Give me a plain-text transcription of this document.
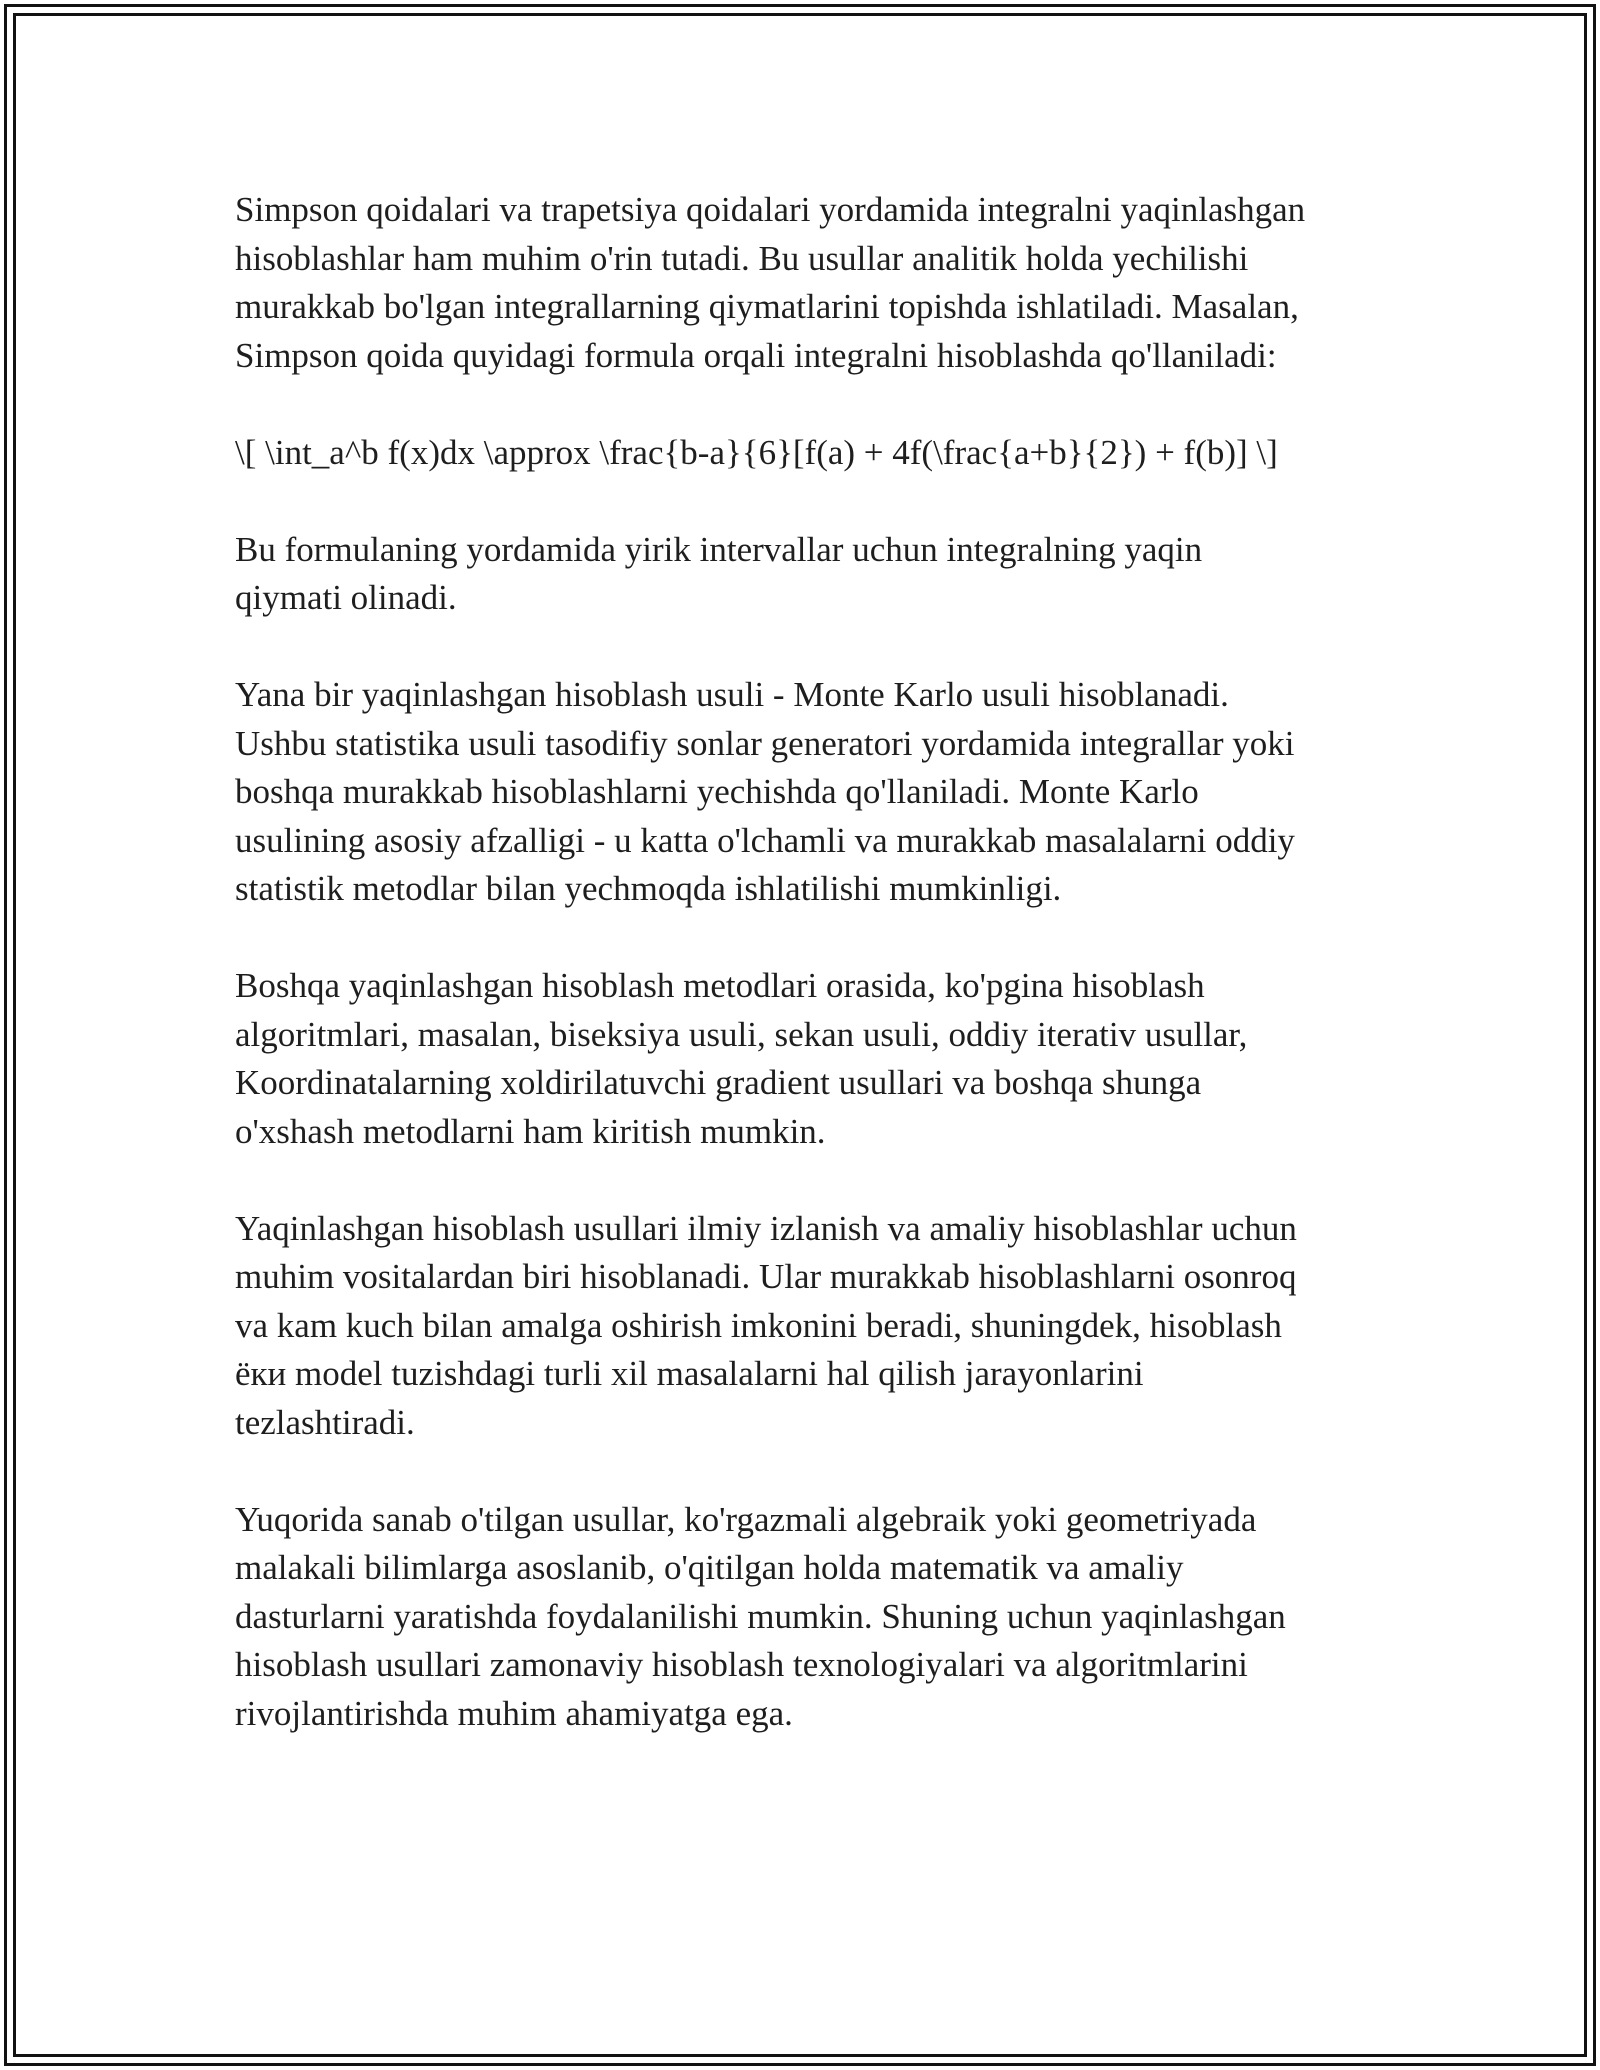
Simpson qoidalari va trapetsiya qoidalari yordamida integralni yaqinlashgan
hisoblashlar ham muhim o'rin tutadi. Bu usullar analitik holda yechilishi
murakkab bo'lgan integrallarning qiymatlarini topishda ishlatiladi. Masalan,
Simpson qoida quyidagi formula orqali integralni hisoblashda qo'llaniladi:

\[ \int_a^b f(x)dx \approx \frac{b-a}{6}[f(a) + 4f(\frac{a+b}{2}) + f(b)] \]

Bu formulaning yordamida yirik intervallar uchun integralning yaqin
qiymati olinadi.

Yana bir yaqinlashgan hisoblash usuli - Monte Karlo usuli hisoblanadi.
Ushbu statistika usuli tasodifiy sonlar generatori yordamida integrallar yoki
boshqa murakkab hisoblashlarni yechishda qo'llaniladi. Monte Karlo
usulining asosiy afzalligi - u katta o'lchamli va murakkab masalalarni oddiy
statistik metodlar bilan yechmoqda ishlatilishi mumkinligi.

Boshqa yaqinlashgan hisoblash metodlari orasida, ko'pgina hisoblash
algoritmlari, masalan, biseksiya usuli, sekan usuli, oddiy iterativ usullar,
Koordinatalarning xoldirilatuvchi gradient usullari va boshqa shunga
o'xshash metodlarni ham kiritish mumkin.

Yaqinlashgan hisoblash usullari ilmiy izlanish va amaliy hisoblashlar uchun
muhim vositalardan biri hisoblanadi. Ular murakkab hisoblashlarni osonroq
va kam kuch bilan amalga oshirish imkonini beradi, shuningdek, hisoblash
ёки model tuzishdagi turli xil masalalarni hal qilish jarayonlarini
tezlashtiradi.

Yuqorida sanab o'tilgan usullar, ko'rgazmali algebraik yoki geometriyada
malakali bilimlarga asoslanib, o'qitilgan holda matematik va amaliy
dasturlarni yaratishda foydalanilishi mumkin. Shuning uchun yaqinlashgan
hisoblash usullari zamonaviy hisoblash texnologiyalari va algoritmlarini
rivojlantirishda muhim ahamiyatga ega.
